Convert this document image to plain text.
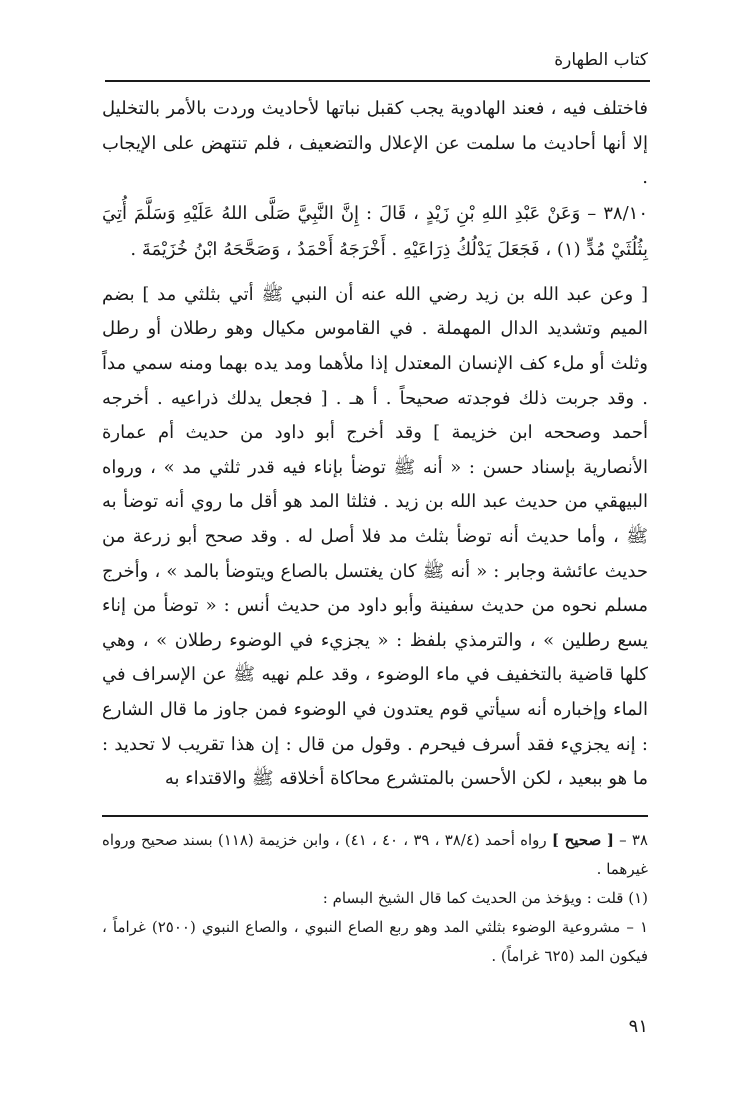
كتاب الطهارة

فاختلف فيه ، فعند الهادوية يجب كقبل نباتها لأحاديث وردت بالأمر بالتخليل إلا أنها أحاديث ما سلمت عن الإعلال والتضعيف ، فلم تنتهض على الإيجاب .

٣٨/١٠ – وَعَنْ عَبْدِ اللهِ بْنِ زَيْدٍ ، قَالَ : إِنَّ النَّبِيَّ صَلَّى اللهُ عَلَيْهِ وَسَلَّمَ أُتِيَ بِثُلُثَيْ مُدٍّ (١) ، فَجَعَلَ يَدْلُكُ ذِرَاعَيْهِ . أَخْرَجَهُ أَحْمَدُ ، وَصَحَّحَهُ ابْنُ خُزَيْمَةَ .

[ وعن عبد الله بن زيد رضي الله عنه أن النبي ﷺ أتي بثلثي مد ] بضم الميم وتشديد الدال المهملة . في القاموس مكيال وهو رطلان أو رطل وثلث أو ملء كف الإنسان المعتدل إذا ملأهما ومد يده بهما ومنه سمي مداً . وقد جربت ذلك فوجدته صحيحاً . أ هـ . [ فجعل يدلك ذراعيه . أخرجه أحمد وصححه ابن خزيمة ] وقد أخرج أبو داود من حديث أم عمارة الأنصارية بإسناد حسن : « أنه ﷺ توضأ بإناء فيه قدر ثلثي مد » ، ورواه البيهقي من حديث عبد الله بن زيد . فثلثا المد هو أقل ما روي أنه توضأ به ﷺ ، وأما حديث أنه توضأ بثلث مد فلا أصل له . وقد صحح أبو زرعة من حديث عائشة وجابر : « أنه ﷺ كان يغتسل بالصاع ويتوضأ بالمد » ، وأخرج مسلم نحوه من حديث سفينة وأبو داود من حديث أنس : « توضأ من إناء يسع رطلين » ، والترمذي بلفظ : « يجزيء في الوضوء رطلان » ، وهي كلها قاضية بالتخفيف في ماء الوضوء ، وقد علم نهيه ﷺ عن الإسراف في الماء وإخباره أنه سيأتي قوم يعتدون في الوضوء فمن جاوز ما قال الشارع : إنه يجزيء فقد أسرف فيحرم . وقول من قال : إن هذا تقريب لا تحديد : ما هو ببعيد ، لكن الأحسن بالمتشرع محاكاة أخلاقه ﷺ والاقتداء به

٣٨ – [ صحيح ] رواه أحمد (٣٨/٤ ، ٣٩ ، ٤٠ ، ٤١) ، وابن خزيمة (١١٨) بسند صحيح ورواه غيرهما .

(١) قلت : ويؤخذ من الحديث كما قال الشيخ البسام :

١ – مشروعية الوضوء بثلثي المد وهو ربع الصاع النبوي ، والصاع النبوي (٢٥٠٠) غراماً ، فيكون المد (٦٢٥ غراماً) .

٩١
